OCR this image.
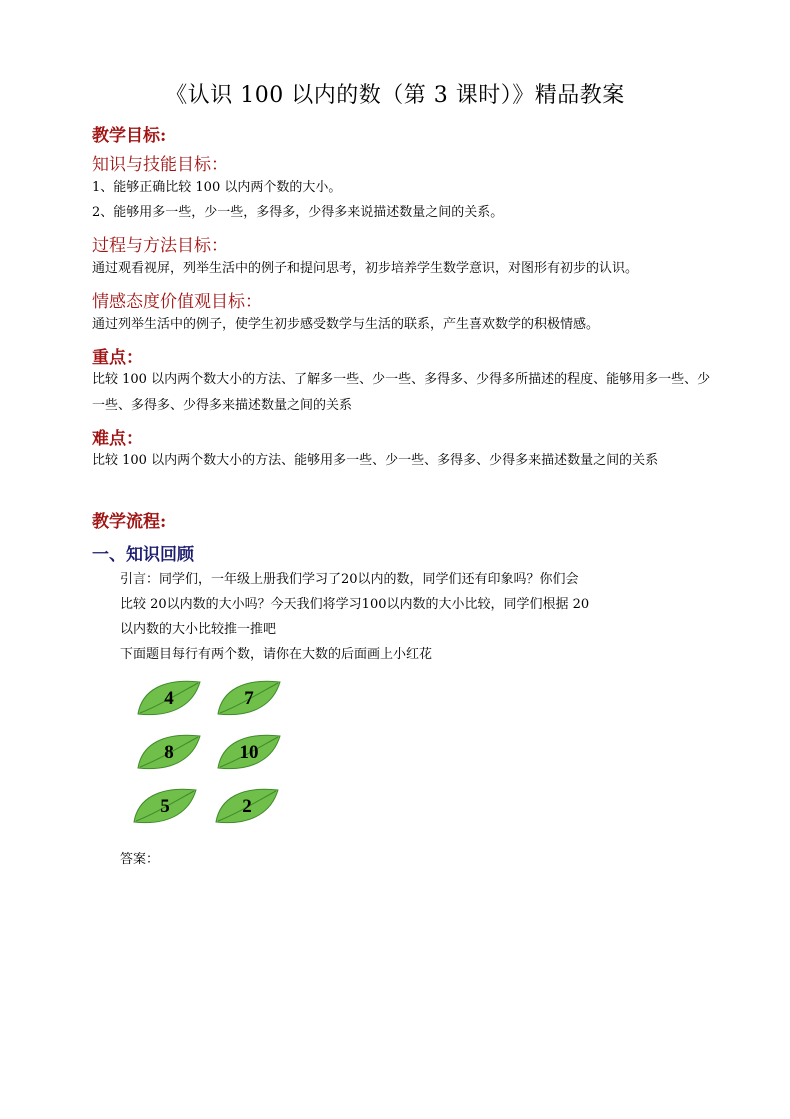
《认识 100 以内的数（第 3 课时）》精品教案
教学目标:
知识与技能目标：
1、能够正确比较 100 以内两个数的大小。
2、能够用多一些，少一些，多得多，少得多来说描述数量之间的关系。
过程与方法目标：
通过观看视屏，列举生活中的例子和提问思考，初步培养学生数学意识，对图形有初步的认识。
情感态度价值观目标：
通过列举生活中的例子，使学生初步感受数学与生活的联系，产生喜欢数学的积极情感。
重点：
比较 100 以内两个数大小的方法、了解多一些、少一些、多得多、少得多所描述的程度、能够用多一些、少一些、多得多、少得多来描述数量之间的关系
难点：
比较 100 以内两个数大小的方法、能够用多一些、少一些、多得多、少得多来描述数量之间的关系
教学流程:
一、知识回顾
引言：同学们，一年级上册我们学习了20以内的数，同学们还有印象吗？你们会
比较 20以内数的大小吗？今天我们将学习100以内数的大小比较，同学们根据 20
以内数的大小比较推一推吧
下面题目每行有两个数，请你在大数的后面画上小红花
4	7
8	10
5	2
答案：
